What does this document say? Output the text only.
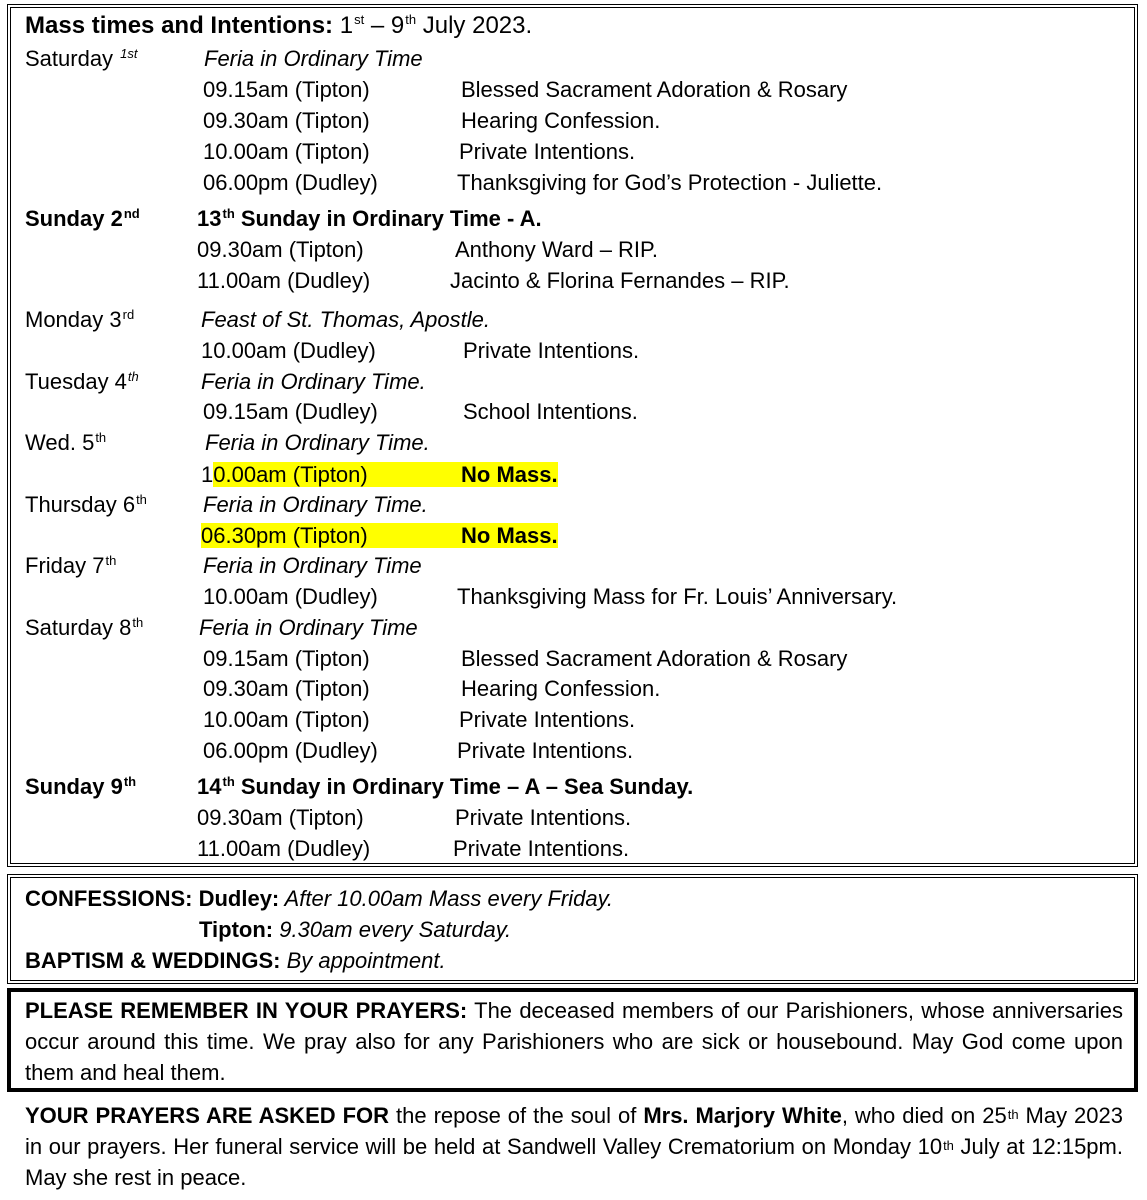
Mass times and Intentions: 1st – 9th July 2023.
Saturday $^{1st}$	Feria in Ordinary Time
09.15am (Tipton)	Blessed Sacrament Adoration & Rosary
09.30am (Tipton)	Hearing Confession.
10.00am (Tipton)	Private Intentions.
06.00pm (Dudley)	Thanksgiving for God’s Protection - Juliette.
Sunday 2nd	13th Sunday in Ordinary Time - A.
09.30am (Tipton)	Anthony Ward – RIP.
11.00am (Dudley)	Jacinto & Florina Fernandes – RIP.
Monday 3rd	Feast of St. Thomas, Apostle.
10.00am (Dudley)	Private Intentions.
Tuesday 4th	Feria in Ordinary Time.
09.15am (Dudley)	School Intentions.
Wed. 5th	Feria in Ordinary Time.
10.00am (Tipton)	No Mass.
Thursday 6th	Feria in Ordinary Time.
06.30pm (Tipton)	No Mass.
Friday 7th	Feria in Ordinary Time
10.00am (Dudley)	Thanksgiving Mass for Fr. Louis’ Anniversary.
Saturday 8th	Feria in Ordinary Time
09.15am (Tipton)	Blessed Sacrament Adoration & Rosary
09.30am (Tipton)	Hearing Confession.
10.00am (Tipton)	Private Intentions.
06.00pm (Dudley)	Private Intentions.
Sunday 9th	14th Sunday in Ordinary Time – A – Sea Sunday.
09.30am (Tipton)	Private Intentions.
11.00am (Dudley)	Private Intentions.
CONFESSIONS: Dudley: After 10.00am Mass every Friday.
Tipton: 9.30am every Saturday.
BAPTISM & WEDDINGS: By appointment.
PLEASE REMEMBER IN YOUR PRAYERS: The deceased members of our Parishioners, whose anniversaries occur around this time. We pray also for any Parishioners who are sick or housebound. May God come upon them and heal them.
YOUR PRAYERS ARE ASKED FOR the repose of the soul of Mrs. Marjory White, who died on 25th May 2023 in our prayers. Her funeral service will be held at Sandwell Valley Crematorium on Monday 10th July at 12:15pm. May she rest in peace.
